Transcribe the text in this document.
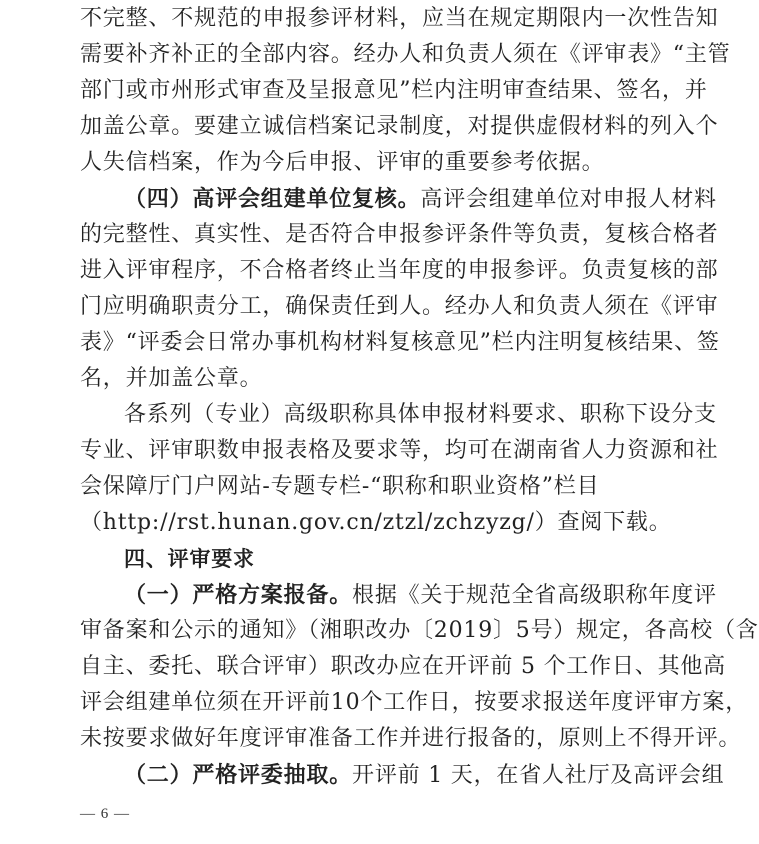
不完整、不规范的申报参评材料，应当在规定期限内一次性告知
需要补齐补正的全部内容。经办人和负责人须在《评审表》“主管
部门或市州形式审查及呈报意见”栏内注明审查结果、签名，并
加盖公章。要建立诚信档案记录制度，对提供虚假材料的列入个
人失信档案，作为今后申报、评审的重要参考依据。
（四）高评会组建单位复核。高评会组建单位对申报人材料
的完整性、真实性、是否符合申报参评条件等负责，复核合格者
进入评审程序，不合格者终止当年度的申报参评。负责复核的部
门应明确职责分工，确保责任到人。经办人和负责人须在《评审
表》“评委会日常办事机构材料复核意见”栏内注明复核结果、签
名，并加盖公章。
各系列（专业）高级职称具体申报材料要求、职称下设分支
专业、评审职数申报表格及要求等，均可在湖南省人力资源和社
会保障厅门户网站-专题专栏-“职称和职业资格”栏目
（http://rst.hunan.gov.cn/ztzl/zchzyzg/）查阅下载。
四、评审要求
（一）严格方案报备。根据《关于规范全省高级职称年度评
审备案和公示的通知》（湘职改办〔2019〕5号）规定，各高校（含
自主、委托、联合评审）职改办应在开评前 5 个工作日、其他高
评会组建单位须在开评前10个工作日，按要求报送年度评审方案，
未按要求做好年度评审准备工作并进行报备的，原则上不得开评。
（二）严格评委抽取。开评前 1 天，在省人社厅及高评会组
— 6 —
